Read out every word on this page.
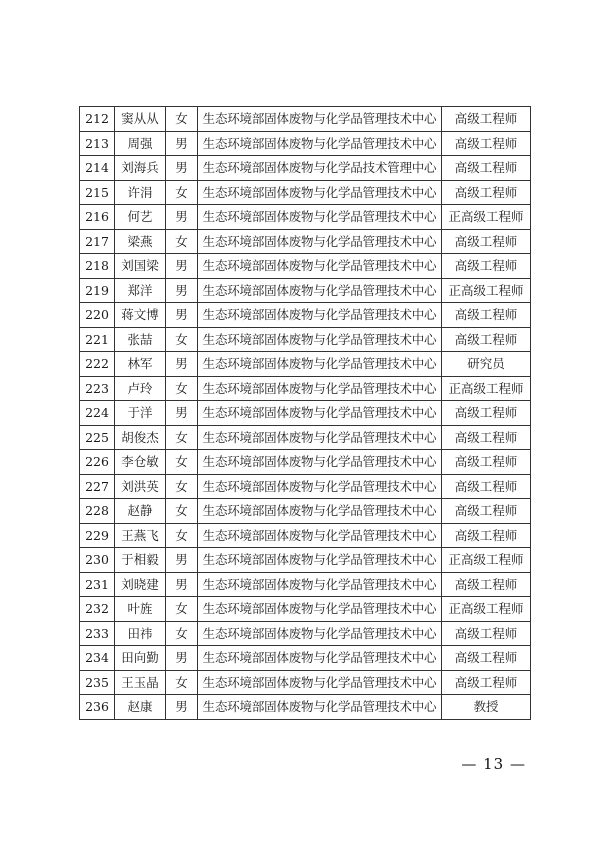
212	窦从从	女	生态环境部固体废物与化学品管理技术中心	高级工程师
213	周强	男	生态环境部固体废物与化学品管理技术中心	高级工程师
214	刘海兵	男	生态环境部固体废物与化学品技术管理中心	高级工程师
215	许涓	女	生态环境部固体废物与化学品管理技术中心	高级工程师
216	何艺	男	生态环境部固体废物与化学品管理技术中心	正高级工程师
217	梁燕	女	生态环境部固体废物与化学品管理技术中心	高级工程师
218	刘国梁	男	生态环境部固体废物与化学品管理技术中心	高级工程师
219	郑洋	男	生态环境部固体废物与化学品管理技术中心	正高级工程师
220	蒋文博	男	生态环境部固体废物与化学品管理技术中心	高级工程师
221	张喆	女	生态环境部固体废物与化学品管理技术中心	高级工程师
222	林军	男	生态环境部固体废物与化学品管理技术中心	研究员
223	卢玲	女	生态环境部固体废物与化学品管理技术中心	正高级工程师
224	于洋	男	生态环境部固体废物与化学品管理技术中心	高级工程师
225	胡俊杰	女	生态环境部固体废物与化学品管理技术中心	高级工程师
226	李仓敏	女	生态环境部固体废物与化学品管理技术中心	高级工程师
227	刘洪英	女	生态环境部固体废物与化学品管理技术中心	高级工程师
228	赵静	女	生态环境部固体废物与化学品管理技术中心	高级工程师
229	王燕飞	女	生态环境部固体废物与化学品管理技术中心	高级工程师
230	于相毅	男	生态环境部固体废物与化学品管理技术中心	正高级工程师
231	刘晓建	男	生态环境部固体废物与化学品管理技术中心	高级工程师
232	叶旌	女	生态环境部固体废物与化学品管理技术中心	正高级工程师
233	田祎	女	生态环境部固体废物与化学品管理技术中心	高级工程师
234	田向勤	男	生态环境部固体废物与化学品管理技术中心	高级工程师
235	王玉晶	女	生态环境部固体废物与化学品管理技术中心	高级工程师
236	赵康	男	生态环境部固体废物与化学品管理技术中心	教授
— 13 —
